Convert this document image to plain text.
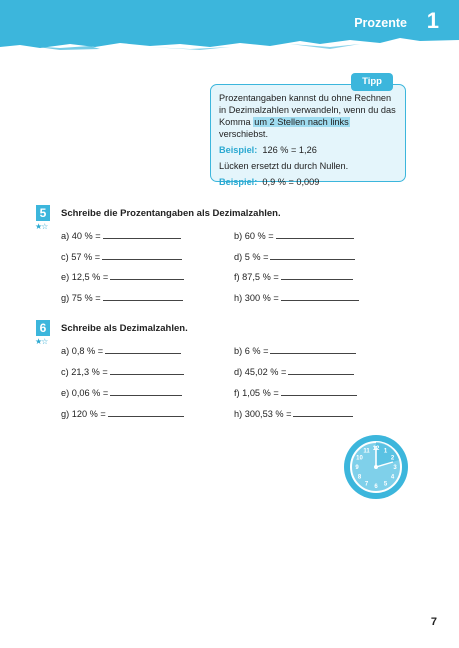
Prozente 1
Tipp

Prozentangaben kannst du ohne Rechnen

in Dezimalzahlen verwandeln, wenn du das

Komma um 2 Stellen nach links verschiebst.

Beispiel: 126 % = 1,26

Lücken ersetzt du durch Nullen.

Beispiel: 0,9 % = 0,009

5
★☆
Schreibe die Prozentangaben als Dezimalzahlen.
a) 40 % =	b) 60 % =
c) 57 % =	d) 5 % =
e) 12,5 % =	f) 87,5 % =
g) 75 % =	h) 300 % =
6
★☆
Schreibe als Dezimalzahlen.
a) 0,8 % =	b) 6 % =
c) 21,3 % =	d) 45,02 % =
e) 0,06 % =	f) 1,05 % =
g) 120 % =	h) 300,53 % =
12 1
2
3
4
5
6
7
8
9
10
11
7
